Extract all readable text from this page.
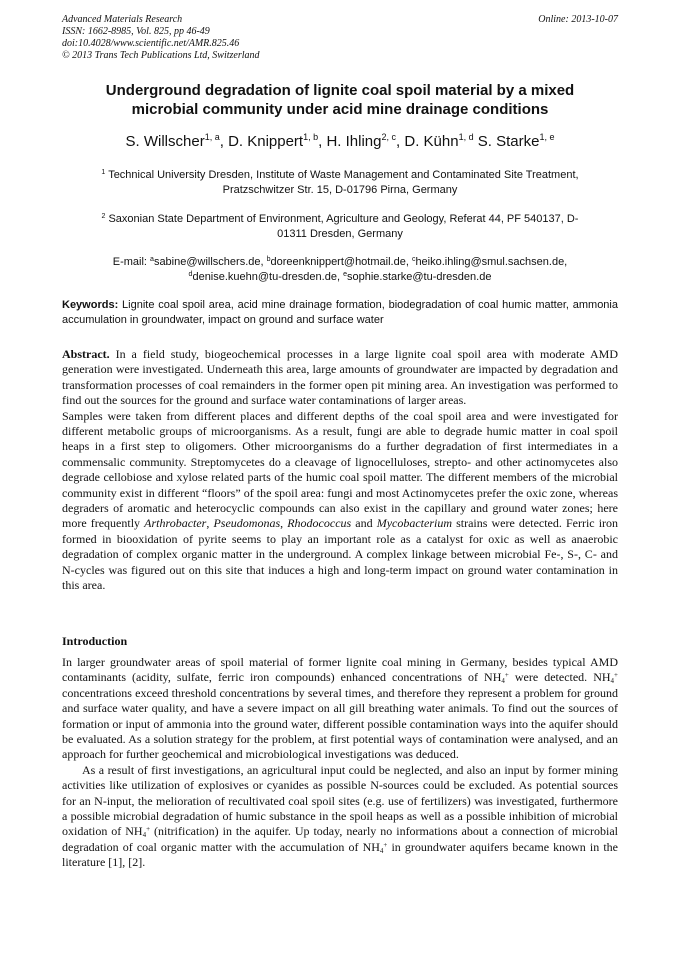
Advanced Materials Research
ISSN: 1662-8985, Vol. 825, pp 46-49
doi:10.4028/www.scientific.net/AMR.825.46
© 2013 Trans Tech Publications Ltd, Switzerland
Online: 2013-10-07
Underground degradation of lignite coal spoil material by a mixed
microbial community under acid mine drainage conditions
S. Willscher$^{1, a}$, D. Knippert$^{1, b}$, H. Ihling$^{2, c}$, D. Kühn$^{1, d}$ S. Starke$^{1, e}$
$^1$ Technical University Dresden, Institute of Waste Management and Contaminated Site Treatment,
Pratzschwitzer Str. 15, D-01796 Pirna, Germany
$^2$ Saxonian State Department of Environment, Agriculture and Geology, Referat 44, PF 540137, D-
01311 Dresden, Germany
E-mail: $^a$sabine@willschers.de, $^b$doreenknippert@hotmail.de, $^c$heiko.ihling@smul.sachsen.de,
$^d$denise.kuehn@tu-dresden.de, $^e$sophie.starke@tu-dresden.de
Keywords: Lignite coal spoil area, acid mine drainage formation, biodegradation of coal humic matter, ammonia accumulation in groundwater, impact on ground and surface water

Abstract. In a field study, biogeochemical processes in a large lignite coal spoil area with moderate AMD generation were investigated. Underneath this area, large amounts of groundwater are impacted by degradation and transformation processes of coal remainders in the former open pit mining area. An investigation was performed to find out the sources for the ground and surface water contaminations of larger areas.

Samples were taken from different places and different depths of the coal spoil area and were investigated for different metabolic groups of microorganisms. As a result, fungi are able to degrade humic matter in coal spoil heaps in a first step to oligomers. Other microorganisms do a further degradation of first intermediates in a commensalic community. Streptomycetes do a cleavage of lignocelluloses, strepto- and other actinomycetes also degrade cellobiose and xylose related parts of the humic coal spoil matter. The different members of the microbial community exist in different “floors” of the spoil area: fungi and most Actinomycetes prefer the oxic zone, whereas degraders of aromatic and heterocyclic compounds can also exist in the capillary and ground water zones; here more frequently Arthrobacter, Pseudomonas, Rhodococcus and Mycobacterium strains were detected. Ferric iron formed in biooxidation of pyrite seems to play an important role as a catalyst for oxic as well as anaerobic degradation of complex organic matter in the underground. A complex linkage between microbial Fe-, S-, C- and N-cycles was figured out on this site that induces a high and long-term impact on ground water contamination in this area.

Introduction

In larger groundwater areas of spoil material of former lignite coal mining in Germany, besides typical AMD contaminants (acidity, sulfate, ferric iron compounds) enhanced concentrations of $NH_4^+$ were detected. $NH_4^+$ concentrations exceed threshold concentrations by several times, and therefore they represent a problem for ground and surface water quality, and have a severe impact on all gill breathing water animals. To find out the sources of formation or input of ammonia into the ground water, different possible contamination ways into the aquifer should be evaluated. As a solution strategy for the problem, at first potential ways of contamination were analysed, and an approach for further geochemical and microbiological investigations was deduced.

As a result of first investigations, an agricultural input could be neglected, and also an input by former mining activities like utilization of explosives or cyanides as possible N-sources could be excluded. As potential sources for an N-input, the melioration of recultivated coal spoil sites (e.g. use of fertilizers) was investigated, furthermore a possible microbial degradation of humic substance in the spoil heaps as well as a possible inhibition of microbial oxidation of $NH_4^+$ (nitrification) in the aquifer. Up today, nearly no informations about a connection of microbial degradation of coal organic matter with the accumulation of $NH_4^+$ in groundwater aquifers became known in the literature [1], [2].
